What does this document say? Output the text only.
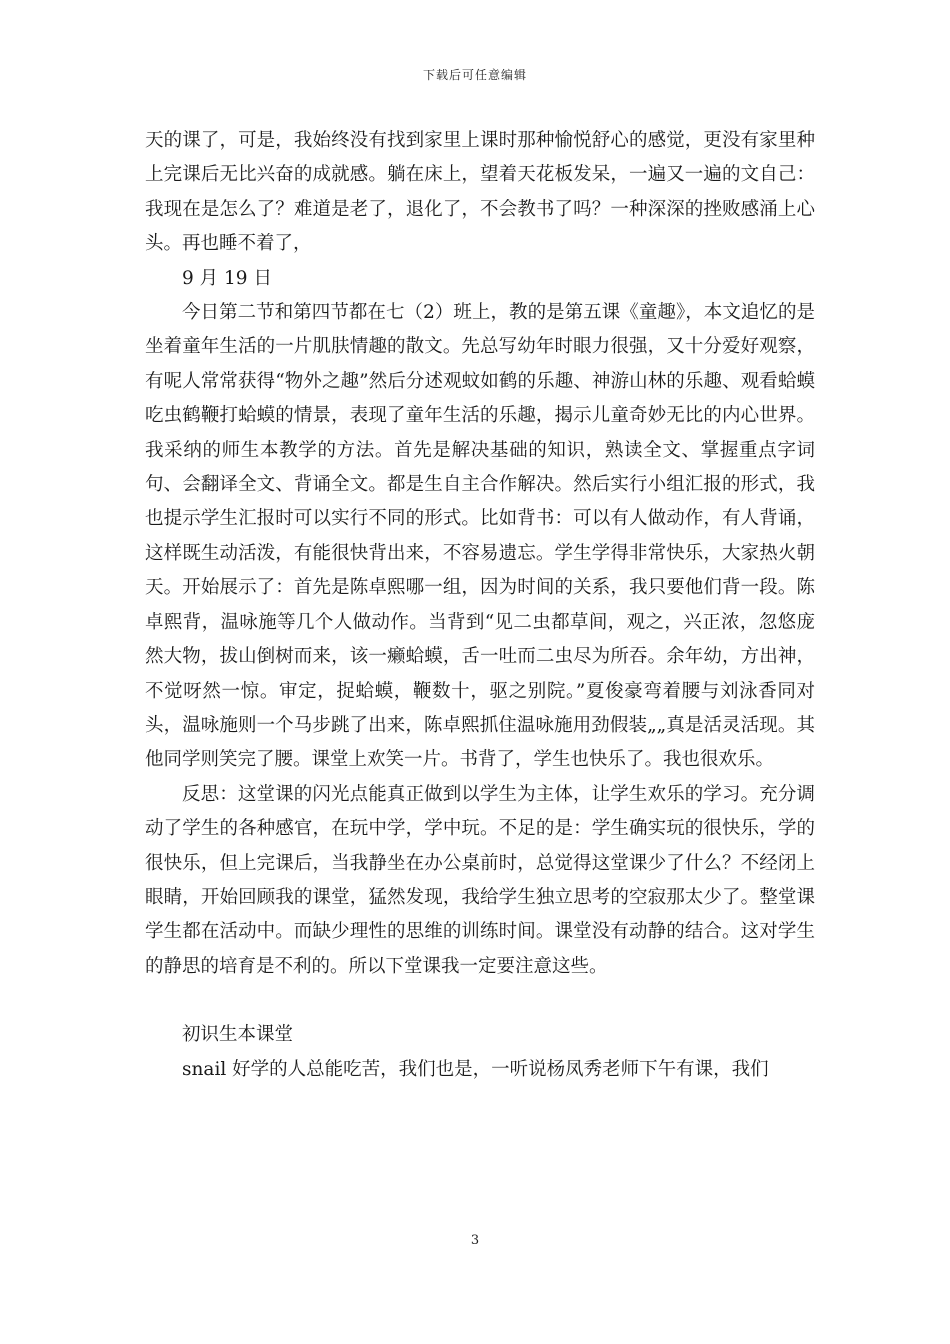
下载后可任意编辑

天的课了，可是，我始终没有找到家里上课时那种愉悦舒心的感觉，更没有家里种上完课后无比兴奋的成就感。躺在床上，望着天花板发呆，一遍又一遍的文自己：我现在是怎么了？难道是老了，退化了，不会教书了吗？一种深深的挫败感涌上心头。再也睡不着了，

9 月 19 日

今日第二节和第四节都在七（2）班上，教的是第五课《童趣》，本文追忆的是坐着童年生活的一片肌肤情趣的散文。先总写幼年时眼力很强，又十分爱好观察，有呢人常常获得“物外之趣”然后分述观蚊如鹤的乐趣、神游山林的乐趣、观看蛤蟆吃虫鹤鞭打蛤蟆的情景，表现了童年生活的乐趣，揭示儿童奇妙无比的内心世界。我采纳的师生本教学的方法。首先是解决基础的知识，熟读全文、掌握重点字词句、会翻译全文、背诵全文。都是生自主合作解决。然后实行小组汇报的形式，我也提示学生汇报时可以实行不同的形式。比如背书：可以有人做动作，有人背诵，这样既生动活泼，有能很快背出来，不容易遗忘。学生学得非常快乐，大家热火朝天。开始展示了：首先是陈卓熙哪一组，因为时间的关系，我只要他们背一段。陈卓熙背，温咏施等几个人做动作。当背到“见二虫都草间，观之，兴正浓，忽悠庞然大物，拔山倒树而来，该一癞蛤蟆，舌一吐而二虫尽为所吞。余年幼，方出神，不觉呀然一惊。审定，捉蛤蟆，鞭数十，驱之别院。”夏俊豪弯着腰与刘泳香同对头，温咏施则一个马步跳了出来，陈卓熙抓住温咏施用劲假装„„真是活灵活现。其他同学则笑完了腰。课堂上欢笑一片。书背了，学生也快乐了。我也很欢乐。

反思：这堂课的闪光点能真正做到以学生为主体，让学生欢乐的学习。充分调动了学生的各种感官，在玩中学，学中玩。不足的是：学生确实玩的很快乐，学的很快乐，但上完课后，当我静坐在办公桌前时，总觉得这堂课少了什么？不经闭上眼睛，开始回顾我的课堂，猛然发现，我给学生独立思考的空寂那太少了。整堂课学生都在活动中。而缺少理性的思维的训练时间。课堂没有动静的结合。这对学生的静思的培育是不利的。所以下堂课我一定要注意这些。

初识生本课堂

snail 好学的人总能吃苦，我们也是，一听说杨凤秀老师下午有课，我们

3
